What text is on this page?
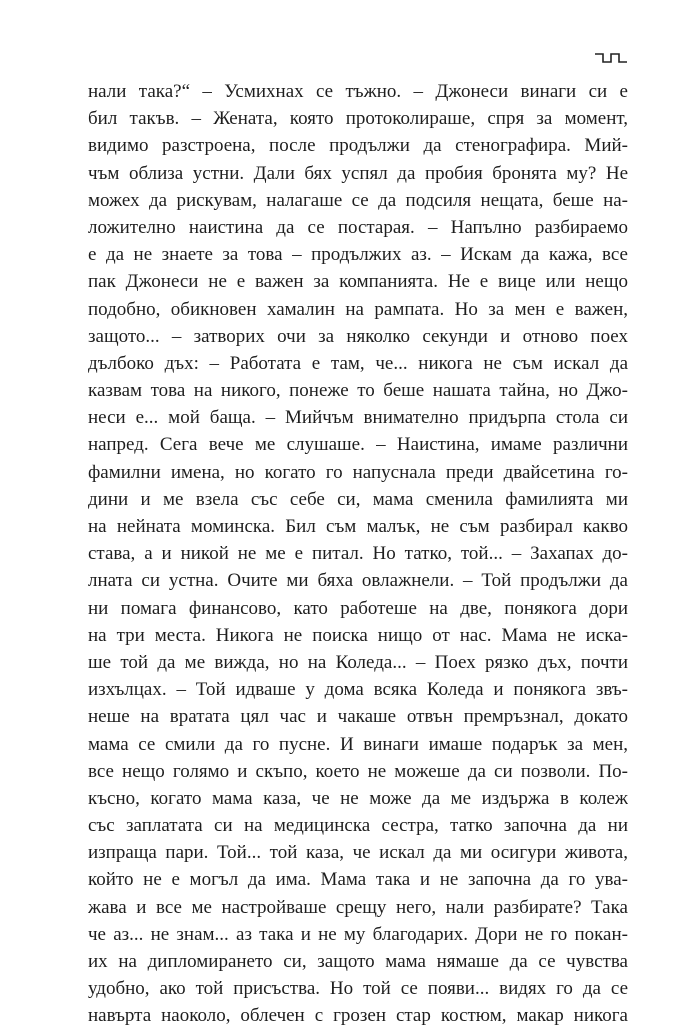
нали така?“ – Усмихнах се тъжно. – Джонеси винаги си е
бил такъв. – Жената, която протоколираше, спря за момент,
видимо разстроена, после продължи да стенографира. Мий-
чъм облиза устни. Дали бях успял да пробия бронята му? Не
можех да рискувам, налагаше се да подсиля нещата, беше на-
ложително наистина да се постарая. – Напълно разбираемо
е да не знаете за това – продължих аз. – Искам да кажа, все
пак Джонеси не е важен за компанията. Не е вице или нещо
подобно, обикновен хамалин на рампата. Но за мен е важен,
защото... – затворих очи за няколко секунди и отново поех
дълбоко дъх: – Работата е там, че... никога не съм искал да
казвам това на никого, понеже то беше нашата тайна, но Джо-
неси е... мой баща. – Мийчъм внимателно придърпа стола си
напред. Сега вече ме слушаше. – Наистина, имаме различни
фамилни имена, но когато го напуснала преди двайсетина го-
дини и ме взела със себе си, мама сменила фамилията ми
на нейната моминска. Бил съм малък, не съм разбирал какво
става, а и никой не ме е питал. Но татко, той... – Захапах до-
лната си устна. Очите ми бяха овлажнели. – Той продължи да
ни помага финансово, като работеше на две, понякога дори
на три места. Никога не поиска нищо от нас. Мама не иска-
ше той да ме вижда, но на Коледа... – Поех рязко дъх, почти
изхълцах. – Той идваше у дома всяка Коледа и понякога звъ-
неше на вратата цял час и чакаше отвън премръзнал, докато
мама се смили да го пусне. И винаги имаше подарък за мен,
все нещо голямо и скъпо, което не можеше да си позволи. По-
късно, когато мама каза, че не може да ме издържа в колеж
със заплатата си на медицинска сестра, татко започна да ни
изпраща пари. Той... той каза, че искал да ми осигури живота,
който не е могъл да има. Мама така и не започна да го ува-
жава и все ме настройваше срещу него, нали разбирате? Така
че аз... не знам... аз така и не му благодарих. Дори не го покан-
их на дипломирането си, защото мама нямаше да се чувства
удобно, ако той присъства. Но той се появи... видях го да се
навърта наоколо, облечен с грозен стар костюм, макар никога
